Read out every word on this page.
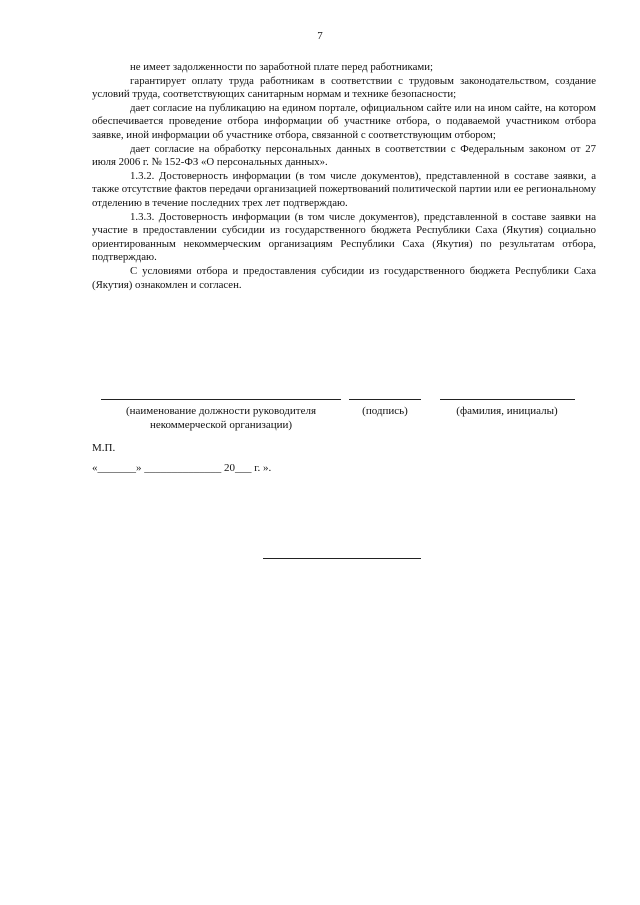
7

не имеет задолженности по заработной плате перед работниками;

гарантирует оплату труда работникам в соответствии с трудовым законодательством, создание условий труда, соответствующих санитарным нормам и технике безопасности;

дает согласие на публикацию на едином портале, официальном сайте или на ином сайте, на котором обеспечивается проведение отбора информации об участнике отбора, о подаваемой участником отбора заявке, иной информации об участнике отбора, связанной с соответствующим отбором;

дает согласие на обработку персональных данных в соответствии с Федеральным законом от 27 июля 2006 г. № 152-ФЗ «О персональных данных».

1.3.2. Достоверность информации (в том числе документов), представленной в составе заявки, а также отсутствие фактов передачи организацией пожертвований политической партии или ее региональному отделению в течение последних трех лет подтверждаю.

1.3.3. Достоверность информации (в том числе документов), представленной в составе заявки на участие в предоставлении субсидии из государственного бюджета Республики Саха (Якутия) социально ориентированным некоммерческим организациям Республики Саха (Якутия) по результатам отбора, подтверждаю.

С условиями отбора и предоставления субсидии из государственного бюджета Республики Саха (Якутия) ознакомлен и согласен.

(наименование должности руководителя некоммерческой организации)
(подпись)	(фамилия, инициалы)
М.П.
«_______» ______________ 20___ г. ».
